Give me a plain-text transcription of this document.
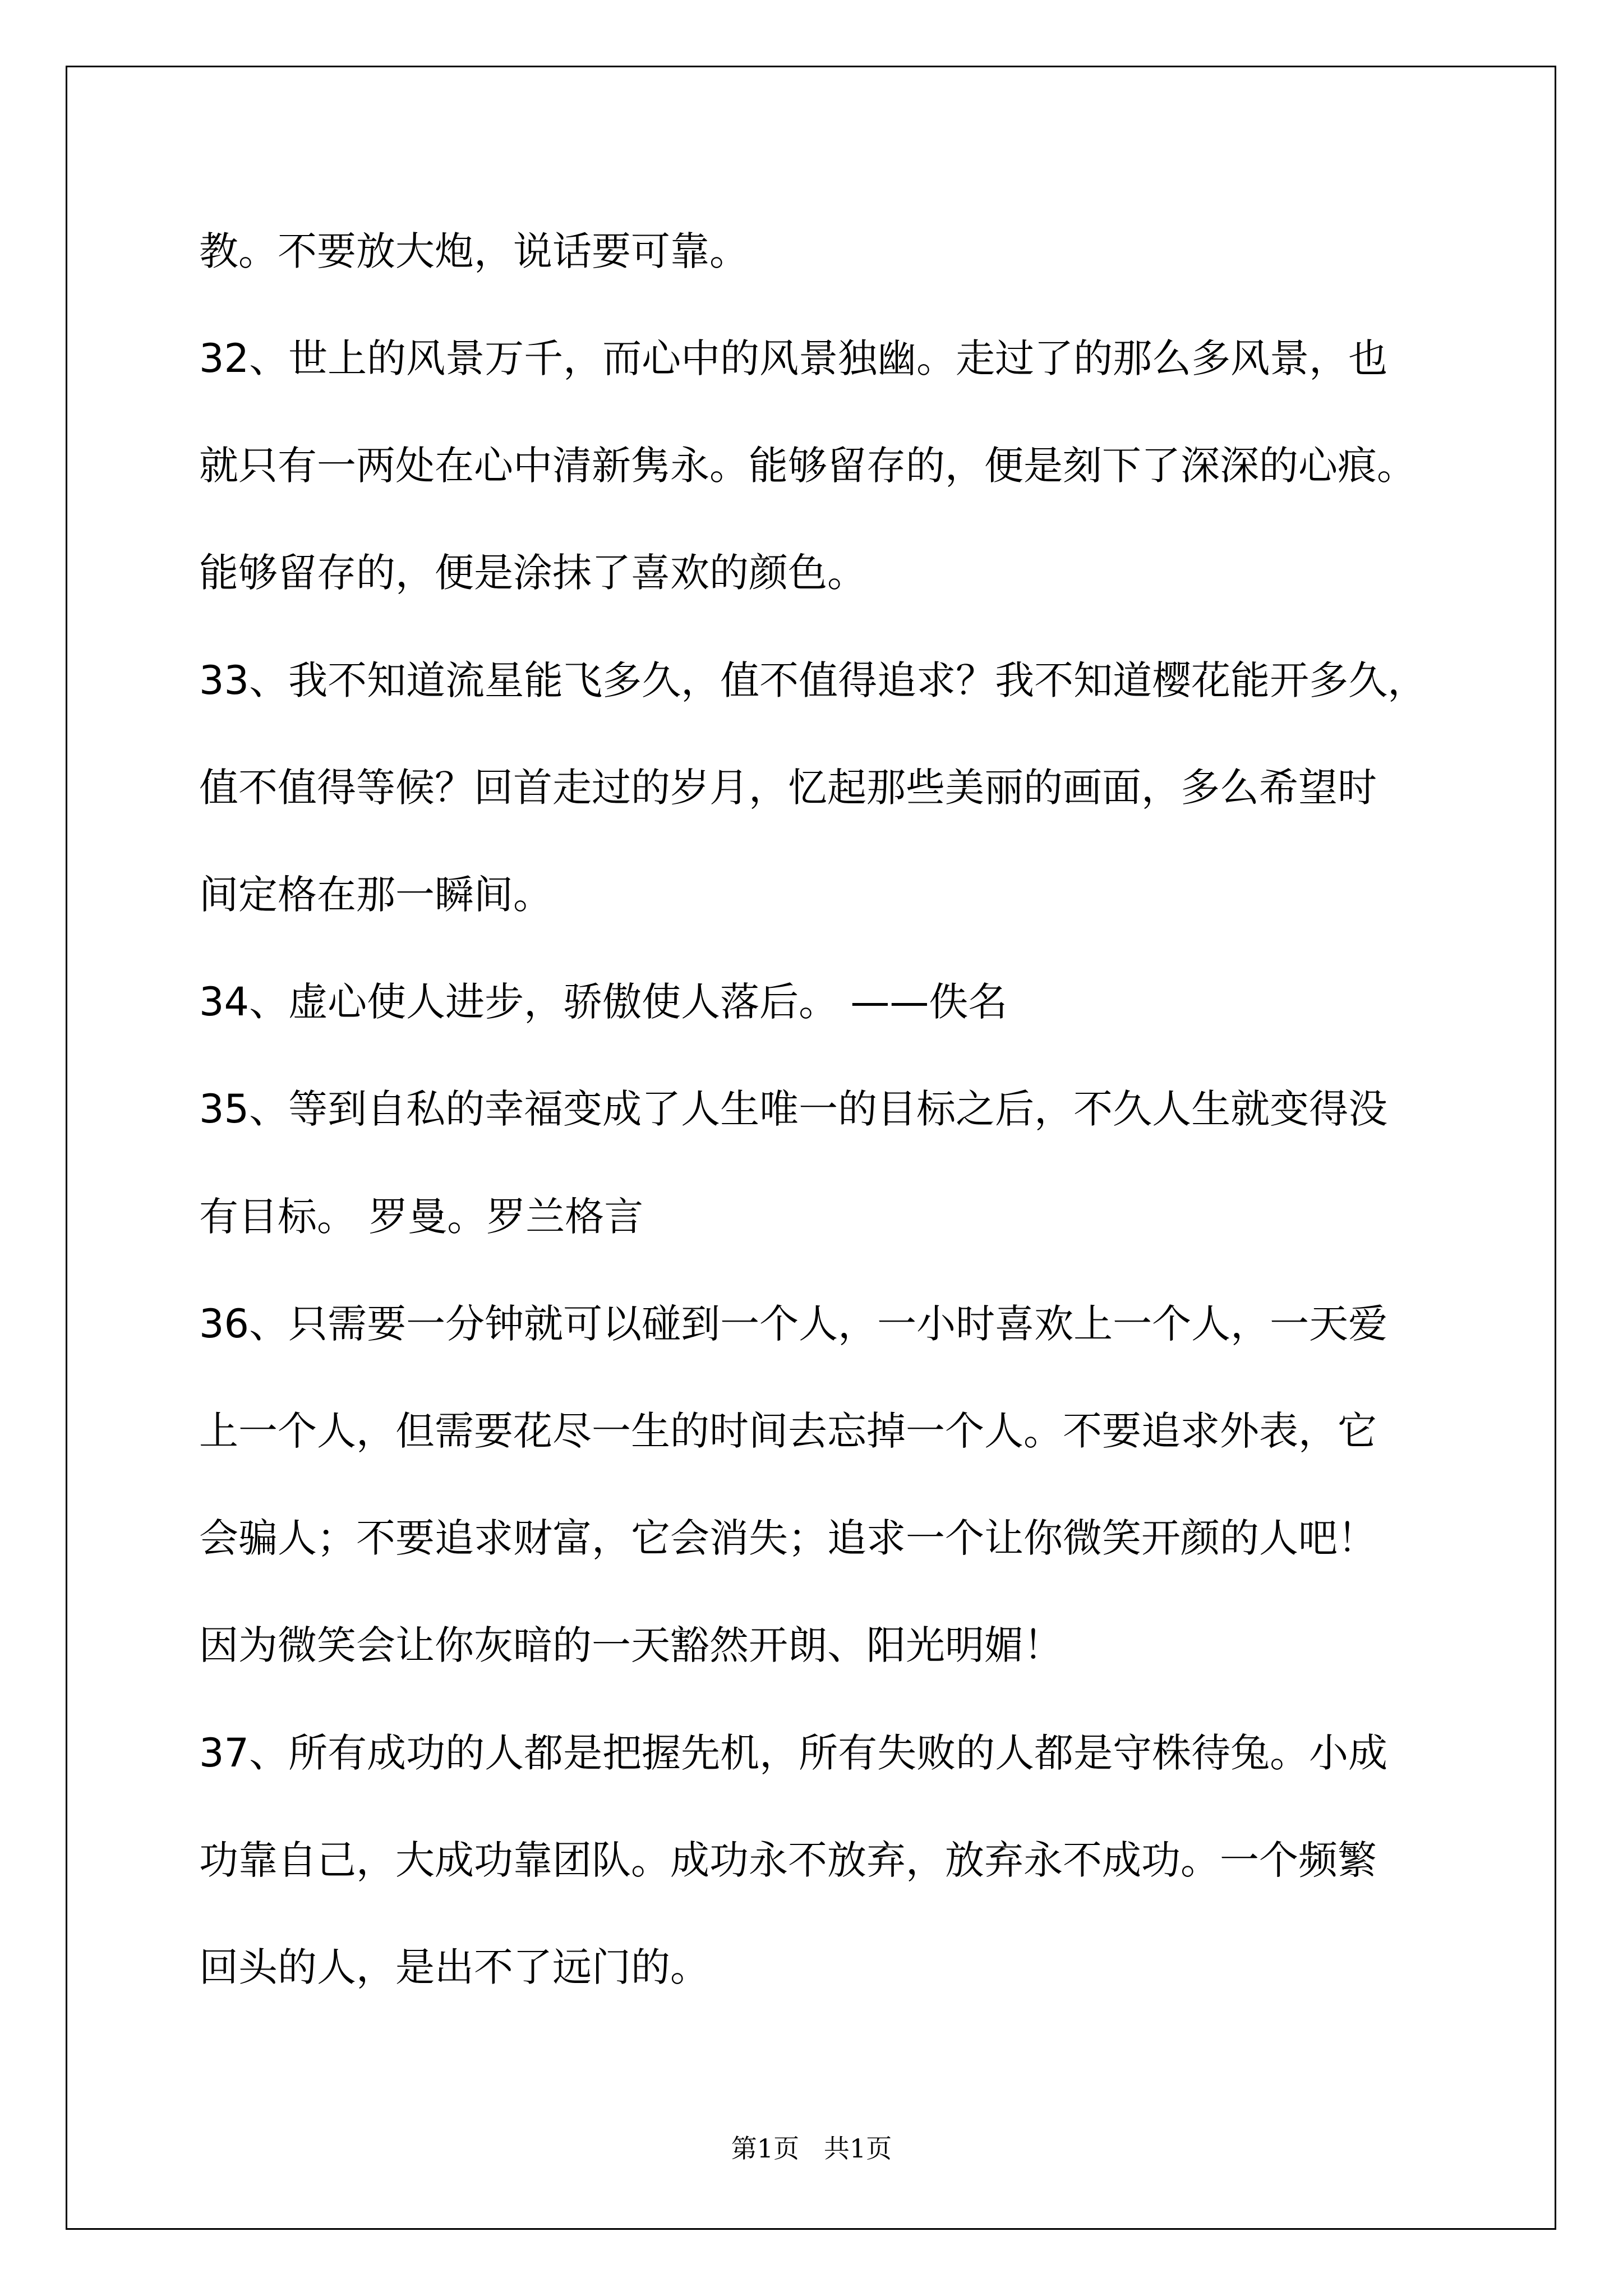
教。不要放大炮，说话要可靠。
32、世上的风景万千，而心中的风景独幽。走过了的那么多风景，也
就只有一两处在心中清新隽永。能够留存的，便是刻下了深深的心痕。
能够留存的，便是涂抹了喜欢的颜色。
33、我不知道流星能飞多久，值不值得追求？我不知道樱花能开多久，
值不值得等候？回首走过的岁月，忆起那些美丽的画面，多么希望时
间定格在那一瞬间。
34、虚心使人进步，骄傲使人落后。 ——佚名
35、等到自私的幸福变成了人生唯一的目标之后，不久人生就变得没
有目标。 罗曼。罗兰格言
36、只需要一分钟就可以碰到一个人，一小时喜欢上一个人，一天爱
上一个人，但需要花尽一生的时间去忘掉一个人。不要追求外表，它
会骗人；不要追求财富，它会消失；追求一个让你微笑开颜的人吧！
因为微笑会让你灰暗的一天豁然开朗、阳光明媚！
37、所有成功的人都是把握先机，所有失败的人都是守株待兔。小成
功靠自己，大成功靠团队。成功永不放弃，放弃永不成功。一个频繁
回头的人，是出不了远门的。
第1页   共1页
